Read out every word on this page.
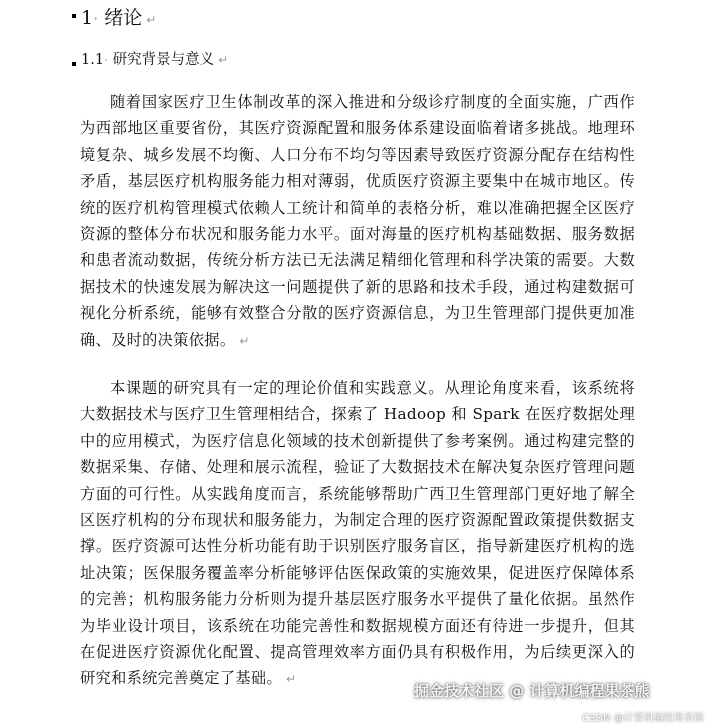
1· 绪论 ↵
1.1· 研究背景与意义 ↵

随着国家医疗卫生体制改革的深入推进和分级诊疗制度的全面实施，广西作为西部地区重要省份，其医疗资源配置和服务体系建设面临着诸多挑战。地理环境复杂、城乡发展不均衡、人口分布不均匀等因素导致医疗资源分配存在结构性矛盾，基层医疗机构服务能力相对薄弱，优质医疗资源主要集中在城市地区。传统的医疗机构管理模式依赖人工统计和简单的表格分析，难以准确把握全区医疗资源的整体分布状况和服务能力水平。面对海量的医疗机构基础数据、服务数据和患者流动数据，传统分析方法已无法满足精细化管理和科学决策的需要。大数据技术的快速发展为解决这一问题提供了新的思路和技术手段，通过构建数据可视化分析系统，能够有效整合分散的医疗资源信息，为卫生管理部门提供更加准确、及时的决策依据。 ↵

本课题的研究具有一定的理论价值和实践意义。从理论角度来看，该系统将大数据技术与医疗卫生管理相结合，探索了 Hadoop 和 Spark 在医疗数据处理中的应用模式，为医疗信息化领域的技术创新提供了参考案例。通过构建完整的数据采集、存储、处理和展示流程，验证了大数据技术在解决复杂医疗管理问题方面的可行性。从实践角度而言，系统能够帮助广西卫生管理部门更好地了解全区医疗机构的分布现状和服务能力，为制定合理的医疗资源配置政策提供数据支撑。医疗资源可达性分析功能有助于识别医疗服务盲区，指导新建医疗机构的选址决策；医保服务覆盖率分析能够评估医保政策的实施效果，促进医疗保障体系的完善；机构服务能力分析则为提升基层医疗服务水平提供了量化依据。虽然作为毕业设计项目，该系统在功能完善性和数据规模方面还有待进一步提升，但其在促进医疗资源优化配置、提高管理效率方面仍具有积极作用，为后续更深入的研究和系统完善奠定了基础。 ↵

掘金技术社区 @ 计算机编程果茶熊
CSDN @计算机编程果茶熊
